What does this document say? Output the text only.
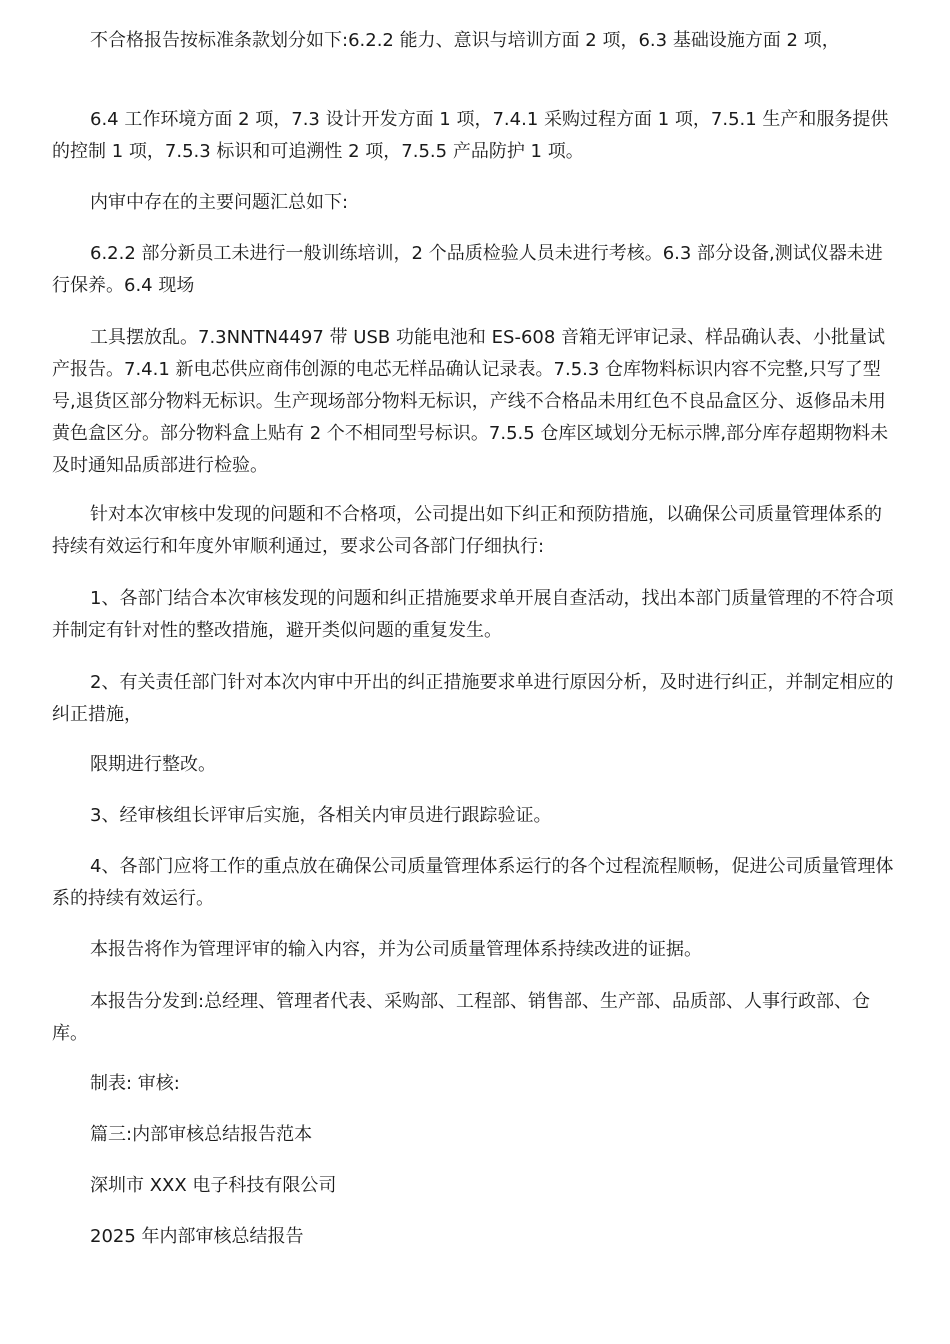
不合格报告按标准条款划分如下:6.2.2 能力、意识与培训方面 2 项，6.3 基础设施方面 2 项，

6.4 工作环境方面 2 项，7.3 设计开发方面 1 项，7.4.1 采购过程方面 1 项，7.5.1 生产和服务提供的控制 1 项，7.5.3 标识和可追溯性 2 项，7.5.5 产品防护 1 项。

内审中存在的主要问题汇总如下:

6.2.2 部分新员工未进行一般训练培训，2 个品质检验人员未进行考核。6.3 部分设备,测试仪器未进行保养。6.4 现场

工具摆放乱。7.3NNTN4497 带 USB 功能电池和 ES-608 音箱无评审记录、样品确认表、小批量试产报告。7.4.1 新电芯供应商伟创源的电芯无样品确认记录表。7.5.3 仓库物料标识内容不完整,只写了型号,退货区部分物料无标识。生产现场部分物料无标识，产线不合格品未用红色不良品盒区分、返修品未用黄色盒区分。部分物料盒上贴有 2 个不相同型号标识。7.5.5 仓库区域划分无标示牌,部分库存超期物料未及时通知品质部进行检验。

针对本次审核中发现的问题和不合格项，公司提出如下纠正和预防措施，以确保公司质量管理体系的持续有效运行和年度外审顺利通过，要求公司各部门仔细执行:

1、各部门结合本次审核发现的问题和纠正措施要求单开展自查活动，找出本部门质量管理的不符合项并制定有针对性的整改措施，避开类似问题的重复发生。

2、有关责任部门针对本次内审中开出的纠正措施要求单进行原因分析，及时进行纠正，并制定相应的纠正措施，

限期进行整改。

3、经审核组长评审后实施，各相关内审员进行跟踪验证。

4、各部门应将工作的重点放在确保公司质量管理体系运行的各个过程流程顺畅，促进公司质量管理体系的持续有效运行。

本报告将作为管理评审的输入内容，并为公司质量管理体系持续改进的证据。

本报告分发到:总经理、管理者代表、采购部、工程部、销售部、生产部、品质部、人事行政部、仓库。

制表: 审核:

篇三:内部审核总结报告范本

深圳市 XXX 电子科技有限公司

2025 年内部审核总结报告
